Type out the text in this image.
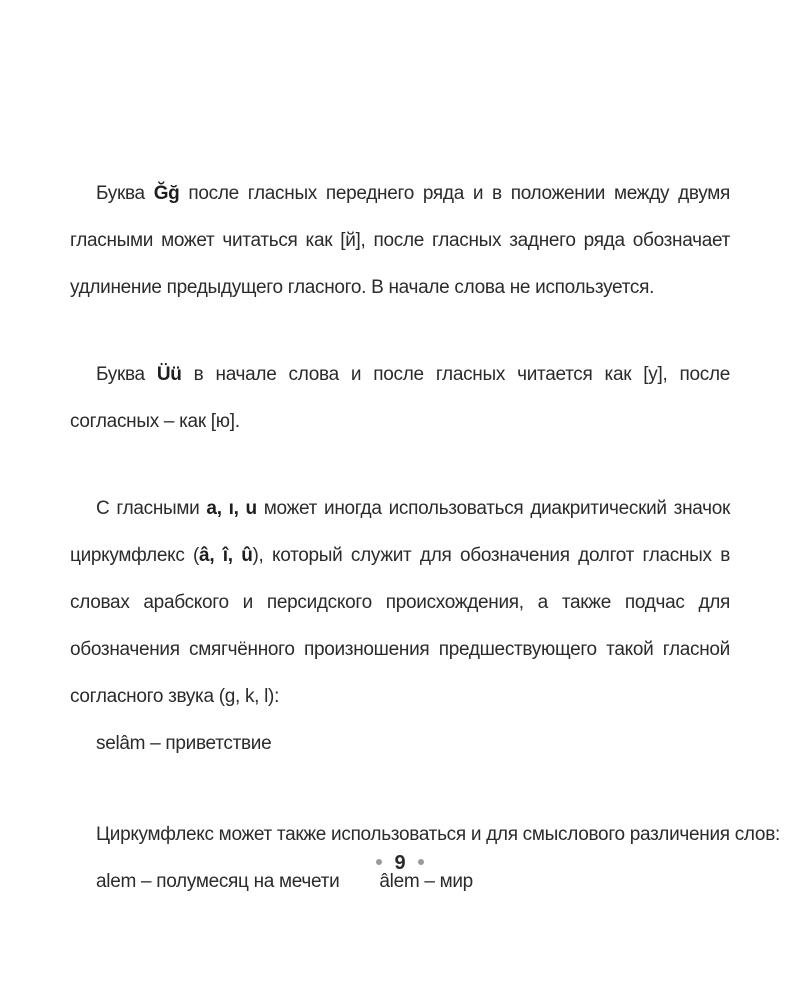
Буква Ğğ после гласных переднего ряда и в положении между двумя гласными может читаться как [й], после гласных заднего ряда обозначает удлинение предыдущего гласного. В начале слова не используется.

Буква Üü в начале слова и после гласных читается как [у], после согласных – как [ю].

С гласными a, ı, u может иногда использоваться диакритический значок циркумфлекс (â, î, û), который служит для обозначения долгот гласных в словах арабского и персидского происхождения, а также подчас для обозначения смягчённого произношения предшествующего такой гласной согласного звука (g, k, l):

selâm – приветствие
Циркумфлекс может также использоваться и для смыслового различения слов:
alem – полумесяц на мечети âlem – мир
9
